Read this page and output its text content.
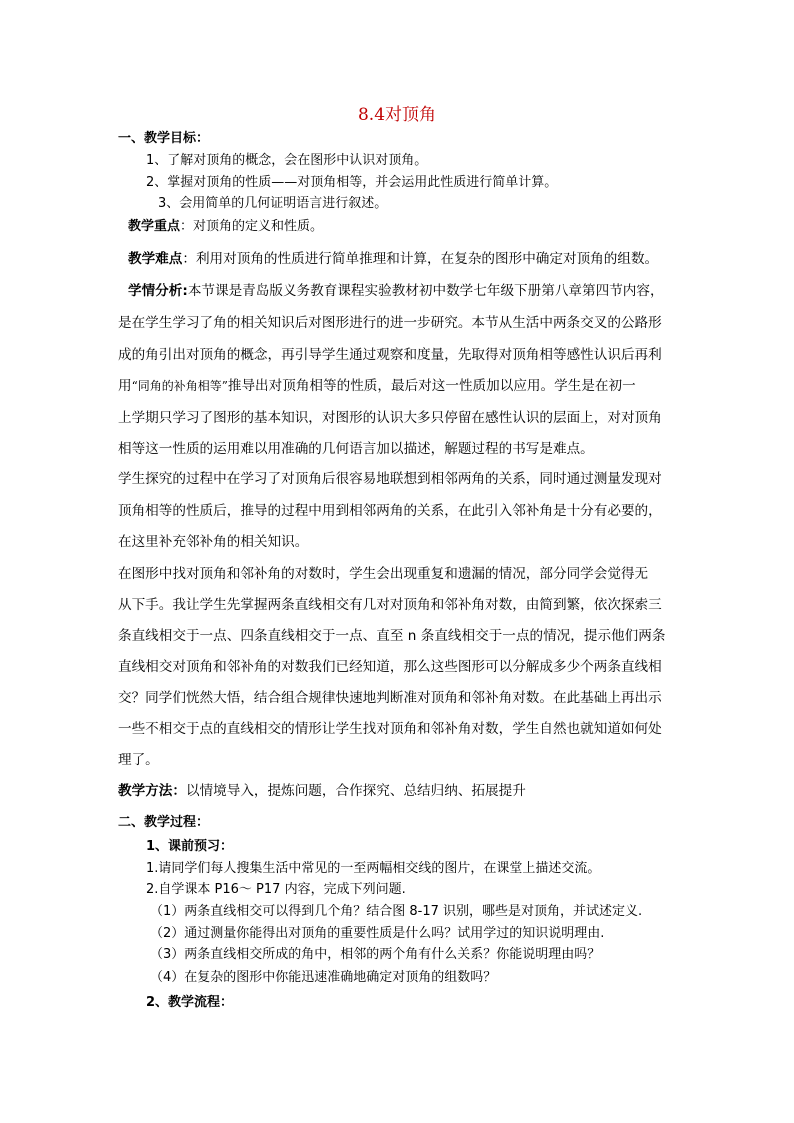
8.4对顶角
一、教学目标：
1、了解对顶角的概念，会在图形中认识对顶角。
2、掌握对顶角的性质——对顶角相等，并会运用此性质进行简单计算。
3、会用简单的几何证明语言进行叙述。
教学重点：对顶角的定义和性质。
教学难点：利用对顶角的性质进行简单推理和计算，在复杂的图形中确定对顶角的组数。
学情分析:本节课是青岛版义务教育课程实验教材初中数学七年级下册第八章第四节内容，
是在学生学习了角的相关知识后对图形进行的进一步研究。本节从生活中两条交叉的公路形
成的角引出对顶角的概念，再引导学生通过观察和度量，先取得对顶角相等感性认识后再利
用“同角的补角相等”推导出对顶角相等的性质，最后对这一性质加以应用。学生是在初一
上学期只学习了图形的基本知识，对图形的认识大多只停留在感性认识的层面上，对对顶角
相等这一性质的运用难以用准确的几何语言加以描述，解题过程的书写是难点。
学生探究的过程中在学习了对顶角后很容易地联想到相邻两角的关系，同时通过测量发现对
顶角相等的性质后，推导的过程中用到相邻两角的关系，在此引入邻补角是十分有必要的，
在这里补充邻补角的相关知识。
在图形中找对顶角和邻补角的对数时，学生会出现重复和遗漏的情况，部分同学会觉得无
从下手。我让学生先掌握两条直线相交有几对对顶角和邻补角对数，由简到繁，依次探索三
条直线相交于一点、四条直线相交于一点、直至 n 条直线相交于一点的情况，提示他们两条
直线相交对顶角和邻补角的对数我们已经知道，那么这些图形可以分解成多少个两条直线相
交？同学们恍然大悟，结合组合规律快速地判断准对顶角和邻补角对数。在此基础上再出示
一些不相交于点的直线相交的情形让学生找对顶角和邻补角对数，学生自然也就知道如何处
理了。
教学方法：以情境导入，提炼问题，合作探究、总结归纳、拓展提升
二、教学过程：
1、课前预习：
1.请同学们每人搜集生活中常见的一至两幅相交线的图片，在课堂上描述交流。
2.自学课本 P16～ P17 内容，完成下列问题.
（1）两条直线相交可以得到几个角？结合图 8-17 识别，哪些是对顶角，并试述定义.
（2）通过测量你能得出对顶角的重要性质是什么吗？试用学过的知识说明理由.
（3）两条直线相交所成的角中，相邻的两个角有什么关系？你能说明理由吗？
（4）在复杂的图形中你能迅速准确地确定对顶角的组数吗？
2、教学流程：
